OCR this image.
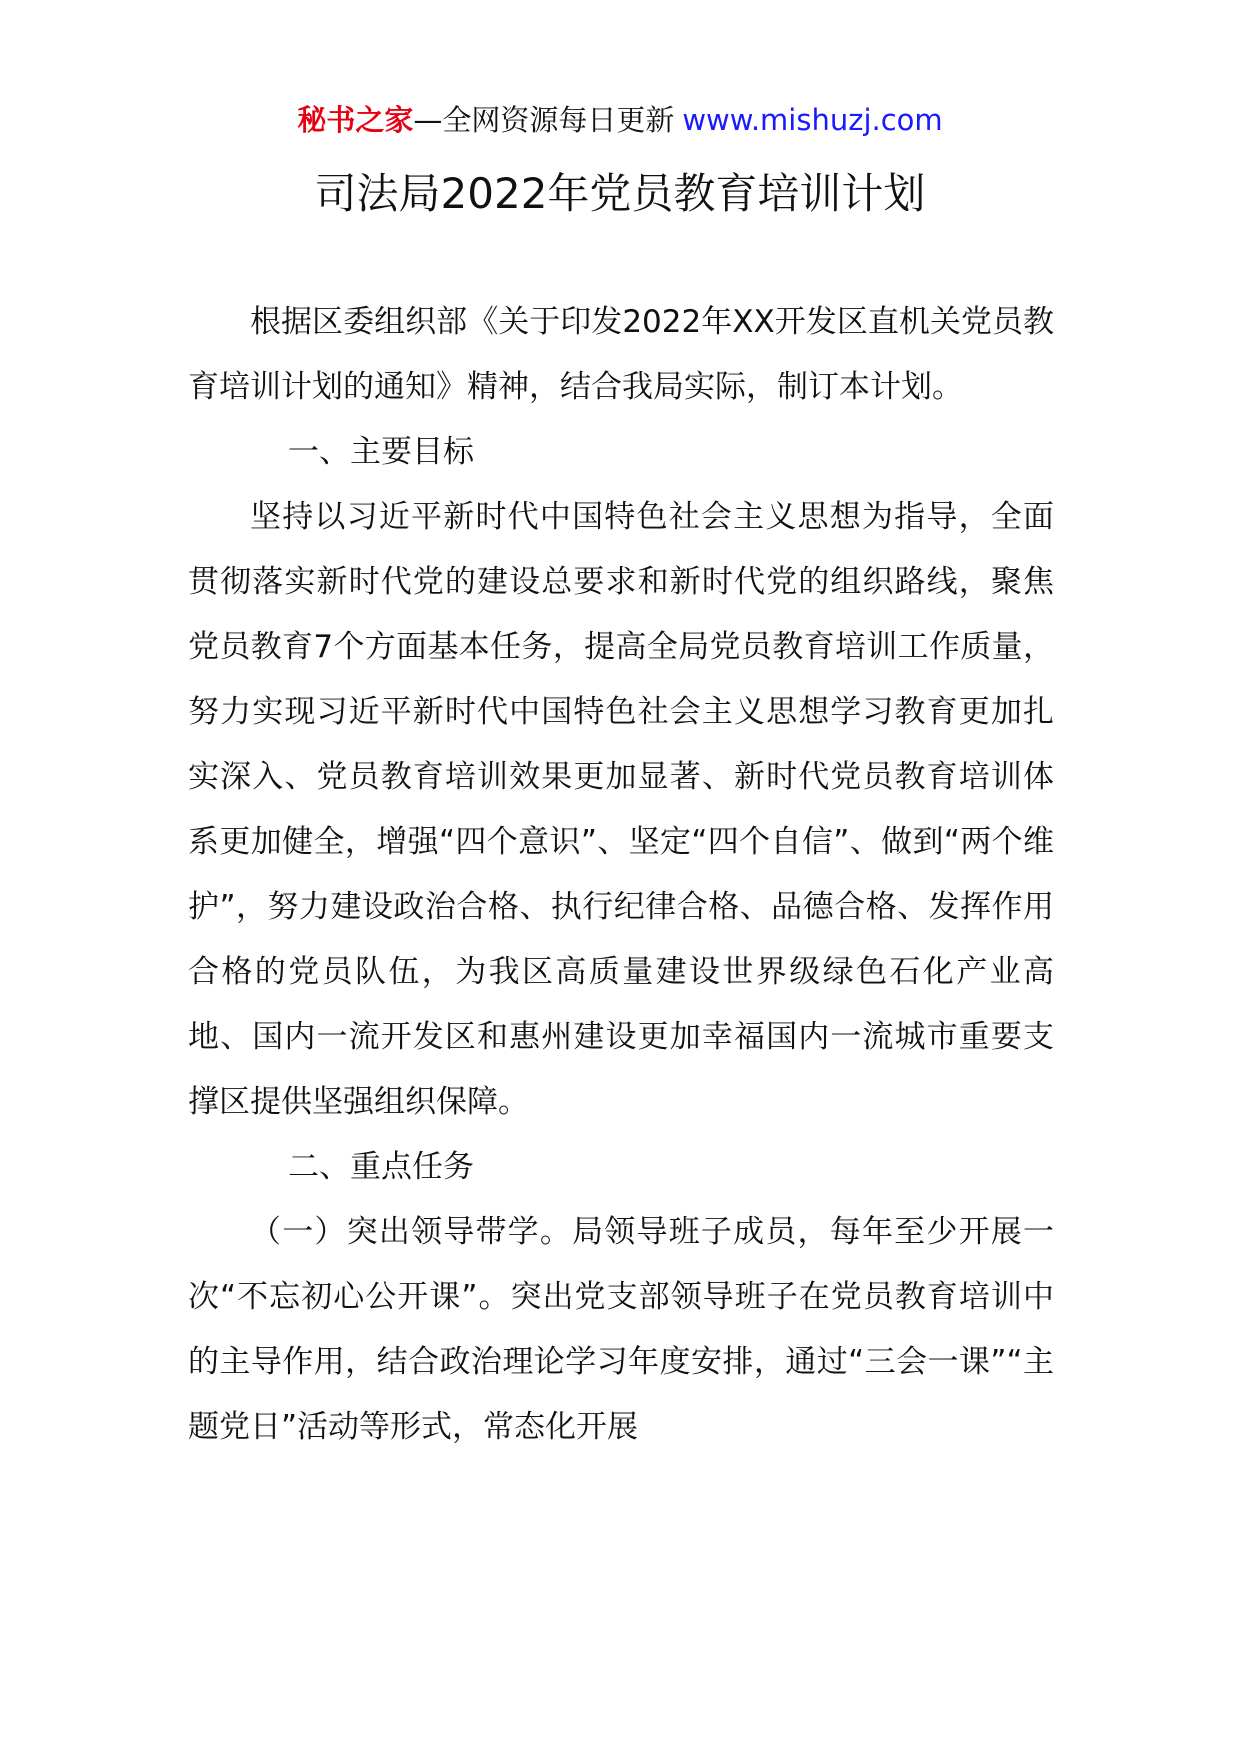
秘书之家—全网资源每日更新 www.mishuzj.com
司法局2022年党员教育培训计划

根据区委组织部《关于印发2022年XX开发区直机关党员教育培训计划的通知》精神，结合我局实际，制订本计划。

一、主要目标

坚持以习近平新时代中国特色社会主义思想为指导，全面贯彻落实新时代党的建设总要求和新时代党的组织路线，聚焦党员教育7个方面基本任务，提高全局党员教育培训工作质量，努力实现习近平新时代中国特色社会主义思想学习教育更加扎实深入、党员教育培训效果更加显著、新时代党员教育培训体系更加健全，增强“四个意识”、坚定“四个自信”、做到“两个维护”，努力建设政治合格、执行纪律合格、品德合格、发挥作用合格的党员队伍，为我区高质量建设世界级绿色石化产业高地、国内一流开发区和惠州建设更加幸福国内一流城市重要支撑区提供坚强组织保障。

二、重点任务

（一）突出领导带学。局领导班子成员，每年至少开展一次“不忘初心公开课”。突出党支部领导班子在党员教育培训中的主导作用，结合政治理论学习年度安排，通过“三会一课”“主题党日”活动等形式，常态化开展
